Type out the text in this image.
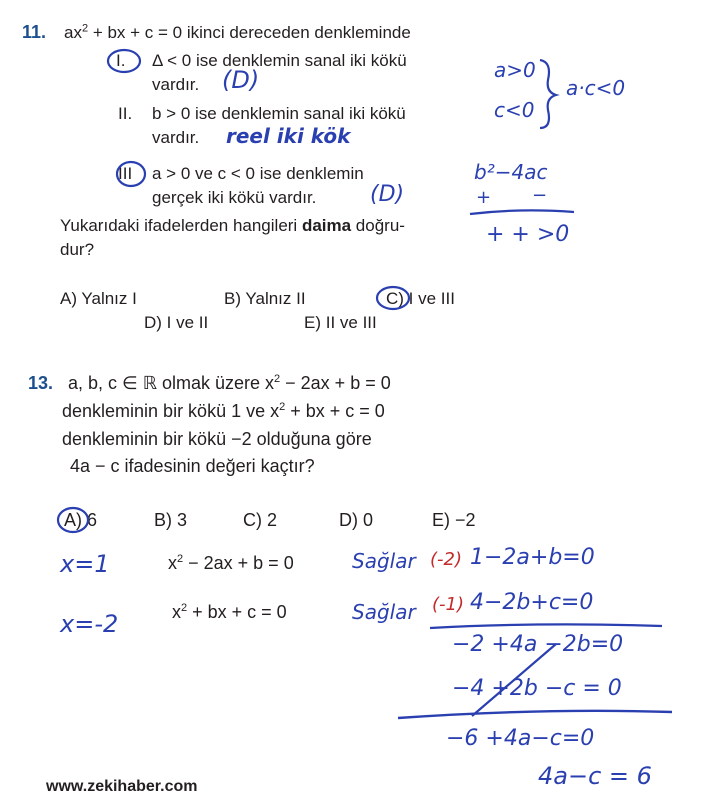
11. $ax^2$ + bx + c = 0 ikinci dereceden denkleminde
I. Δ < 0 ise denklemin sanal iki kökü
vardır. (D)
II. b > 0 ise denklemin sanal iki kökü
vardır. reel iki kök
III a > 0 ve c < 0 ise denklemin
gerçek iki kökü vardır. (D)
Yukarıdaki ifadelerden hangileri daima doğru-
dur?
A) Yalnız I	B) Yalnız II	C) I ve III
D) I ve II	E) II ve III
a>0
c<0
a·c<0
b²−4ac
+ −
+ + >0
13. a, b, c ∈ ℝ olmak üzere $x^2 - 2ax + b = 0$
denkleminin bir kökü 1 ve $x^2$ + bx + c = 0
denkleminin bir kökü −2 olduğuna göre
4a − c ifadesinin değeri kaçtır?
A) 6	B) 3	C) 2	D) 0	E) −2
x=1	$x^2 - 2ax + b = 0$	Sağlar (-2) 1−2a+b=0
x=-2	$x^2$ + bx + c = 0	Sağlar (-1) 4−2b+c=0
−2 +4a −2b=0
−4 +2b −c = 0
−6 +4a−c=0
4a−c = 6
www.zekihaber.com
